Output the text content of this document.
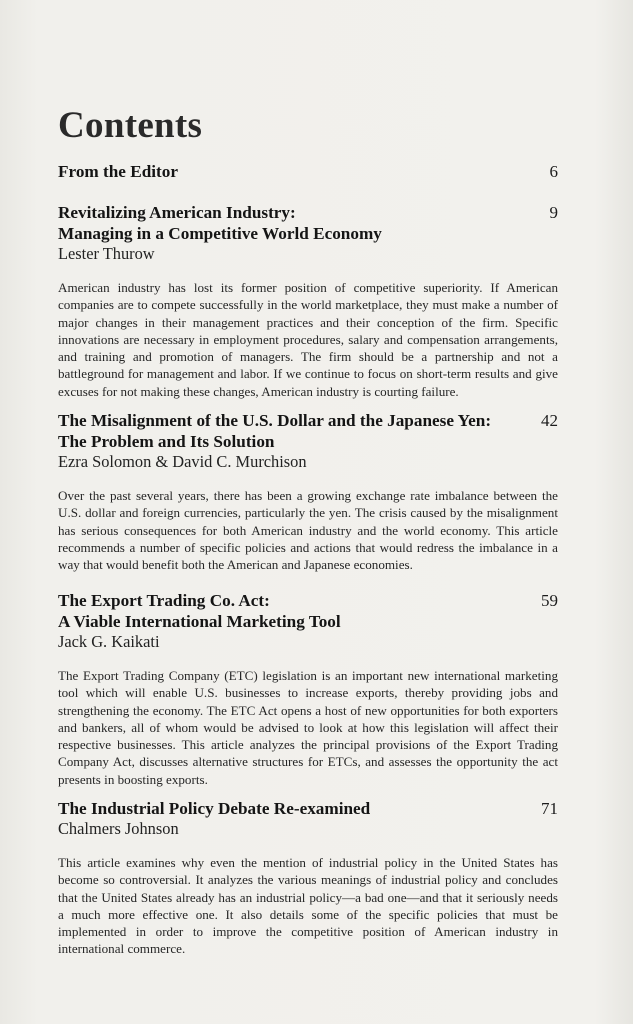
Contents
From the Editor	6
Revitalizing American Industry:
Managing in a Competitive World Economy
9
Lester Thurow
American industry has lost its former position of competitive superiority. If American companies are to compete successfully in the world marketplace, they must make a number of major changes in their management practices and their conception of the firm. Specific innovations are necessary in employment procedures, salary and compensation arrangements, and training and promotion of managers. The firm should be a partnership and not a battleground for management and labor. If we continue to focus on short-term results and give excuses for not making these changes, American industry is courting failure.
The Misalignment of the U.S. Dollar and the Japanese Yen:
The Problem and Its Solution
42
Ezra Solomon & David C. Murchison
Over the past several years, there has been a growing exchange rate imbalance between the U.S. dollar and foreign currencies, particularly the yen. The crisis caused by the misalignment has serious consequences for both American industry and the world economy. This article recommends a number of specific policies and actions that would redress the imbalance in a way that would benefit both the American and Japanese economies.
The Export Trading Co. Act:
A Viable International Marketing Tool
59
Jack G. Kaikati
The Export Trading Company (ETC) legislation is an important new international marketing tool which will enable U.S. businesses to increase exports, thereby providing jobs and strengthening the economy. The ETC Act opens a host of new opportunities for both exporters and bankers, all of whom would be advised to look at how this legislation will affect their respective businesses. This article analyzes the principal provisions of the Export Trading Company Act, discusses alternative structures for ETCs, and assesses the opportunity the act presents in boosting exports.
The Industrial Policy Debate Re-examined	71
Chalmers Johnson
This article examines why even the mention of industrial policy in the United States has become so controversial. It analyzes the various meanings of industrial policy and concludes that the United States already has an industrial policy—a bad one—and that it seriously needs a much more effective one. It also details some of the specific policies that must be implemented in order to improve the competitive position of American industry in international commerce.
